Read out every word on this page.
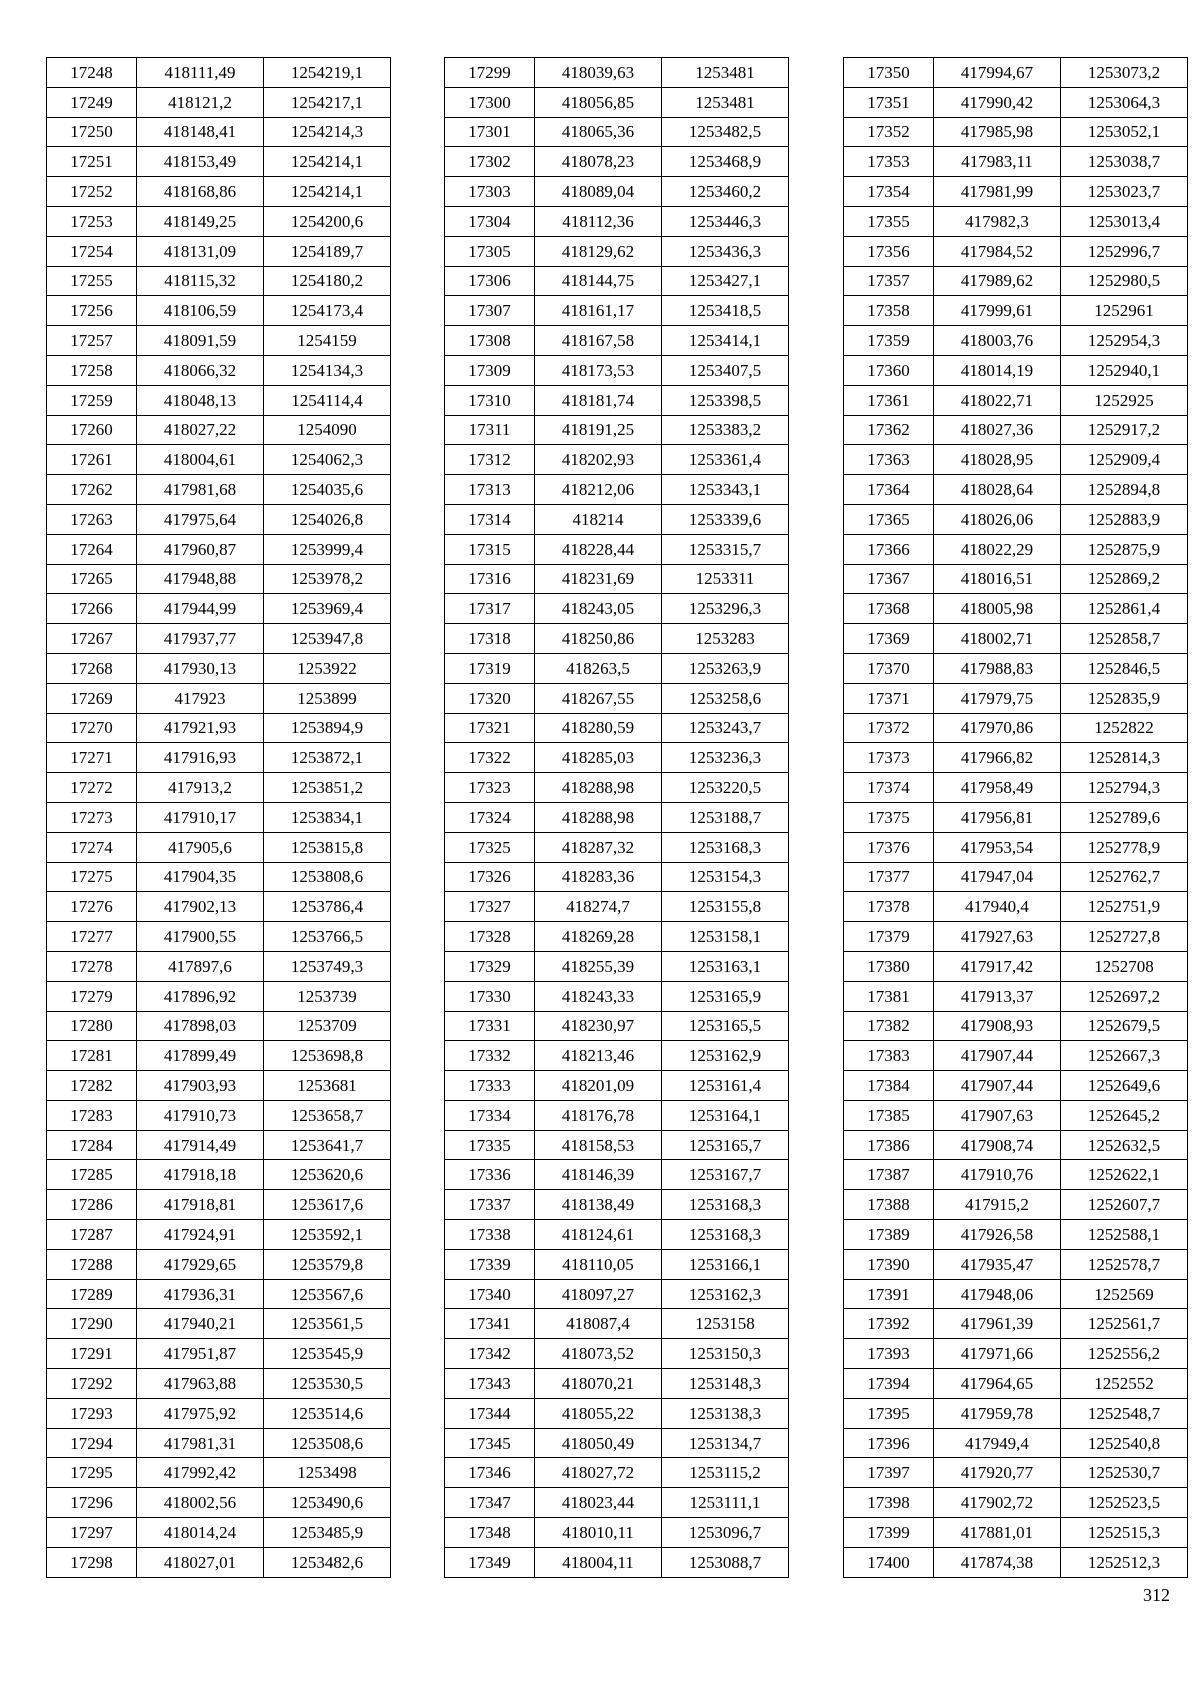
17248	418111,49	1254219,1
17249	418121,2	1254217,1
17250	418148,41	1254214,3
17251	418153,49	1254214,1
17252	418168,86	1254214,1
17253	418149,25	1254200,6
17254	418131,09	1254189,7
17255	418115,32	1254180,2
17256	418106,59	1254173,4
17257	418091,59	1254159
17258	418066,32	1254134,3
17259	418048,13	1254114,4
17260	418027,22	1254090
17261	418004,61	1254062,3
17262	417981,68	1254035,6
17263	417975,64	1254026,8
17264	417960,87	1253999,4
17265	417948,88	1253978,2
17266	417944,99	1253969,4
17267	417937,77	1253947,8
17268	417930,13	1253922
17269	417923	1253899
17270	417921,93	1253894,9
17271	417916,93	1253872,1
17272	417913,2	1253851,2
17273	417910,17	1253834,1
17274	417905,6	1253815,8
17275	417904,35	1253808,6
17276	417902,13	1253786,4
17277	417900,55	1253766,5
17278	417897,6	1253749,3
17279	417896,92	1253739
17280	417898,03	1253709
17281	417899,49	1253698,8
17282	417903,93	1253681
17283	417910,73	1253658,7
17284	417914,49	1253641,7
17285	417918,18	1253620,6
17286	417918,81	1253617,6
17287	417924,91	1253592,1
17288	417929,65	1253579,8
17289	417936,31	1253567,6
17290	417940,21	1253561,5
17291	417951,87	1253545,9
17292	417963,88	1253530,5
17293	417975,92	1253514,6
17294	417981,31	1253508,6
17295	417992,42	1253498
17296	418002,56	1253490,6
17297	418014,24	1253485,9
17298	418027,01	1253482,6
17299	418039,63	1253481
17300	418056,85	1253481
17301	418065,36	1253482,5
17302	418078,23	1253468,9
17303	418089,04	1253460,2
17304	418112,36	1253446,3
17305	418129,62	1253436,3
17306	418144,75	1253427,1
17307	418161,17	1253418,5
17308	418167,58	1253414,1
17309	418173,53	1253407,5
17310	418181,74	1253398,5
17311	418191,25	1253383,2
17312	418202,93	1253361,4
17313	418212,06	1253343,1
17314	418214	1253339,6
17315	418228,44	1253315,7
17316	418231,69	1253311
17317	418243,05	1253296,3
17318	418250,86	1253283
17319	418263,5	1253263,9
17320	418267,55	1253258,6
17321	418280,59	1253243,7
17322	418285,03	1253236,3
17323	418288,98	1253220,5
17324	418288,98	1253188,7
17325	418287,32	1253168,3
17326	418283,36	1253154,3
17327	418274,7	1253155,8
17328	418269,28	1253158,1
17329	418255,39	1253163,1
17330	418243,33	1253165,9
17331	418230,97	1253165,5
17332	418213,46	1253162,9
17333	418201,09	1253161,4
17334	418176,78	1253164,1
17335	418158,53	1253165,7
17336	418146,39	1253167,7
17337	418138,49	1253168,3
17338	418124,61	1253168,3
17339	418110,05	1253166,1
17340	418097,27	1253162,3
17341	418087,4	1253158
17342	418073,52	1253150,3
17343	418070,21	1253148,3
17344	418055,22	1253138,3
17345	418050,49	1253134,7
17346	418027,72	1253115,2
17347	418023,44	1253111,1
17348	418010,11	1253096,7
17349	418004,11	1253088,7
17350	417994,67	1253073,2
17351	417990,42	1253064,3
17352	417985,98	1253052,1
17353	417983,11	1253038,7
17354	417981,99	1253023,7
17355	417982,3	1253013,4
17356	417984,52	1252996,7
17357	417989,62	1252980,5
17358	417999,61	1252961
17359	418003,76	1252954,3
17360	418014,19	1252940,1
17361	418022,71	1252925
17362	418027,36	1252917,2
17363	418028,95	1252909,4
17364	418028,64	1252894,8
17365	418026,06	1252883,9
17366	418022,29	1252875,9
17367	418016,51	1252869,2
17368	418005,98	1252861,4
17369	418002,71	1252858,7
17370	417988,83	1252846,5
17371	417979,75	1252835,9
17372	417970,86	1252822
17373	417966,82	1252814,3
17374	417958,49	1252794,3
17375	417956,81	1252789,6
17376	417953,54	1252778,9
17377	417947,04	1252762,7
17378	417940,4	1252751,9
17379	417927,63	1252727,8
17380	417917,42	1252708
17381	417913,37	1252697,2
17382	417908,93	1252679,5
17383	417907,44	1252667,3
17384	417907,44	1252649,6
17385	417907,63	1252645,2
17386	417908,74	1252632,5
17387	417910,76	1252622,1
17388	417915,2	1252607,7
17389	417926,58	1252588,1
17390	417935,47	1252578,7
17391	417948,06	1252569
17392	417961,39	1252561,7
17393	417971,66	1252556,2
17394	417964,65	1252552
17395	417959,78	1252548,7
17396	417949,4	1252540,8
17397	417920,77	1252530,7
17398	417902,72	1252523,5
17399	417881,01	1252515,3
17400	417874,38	1252512,3
312
